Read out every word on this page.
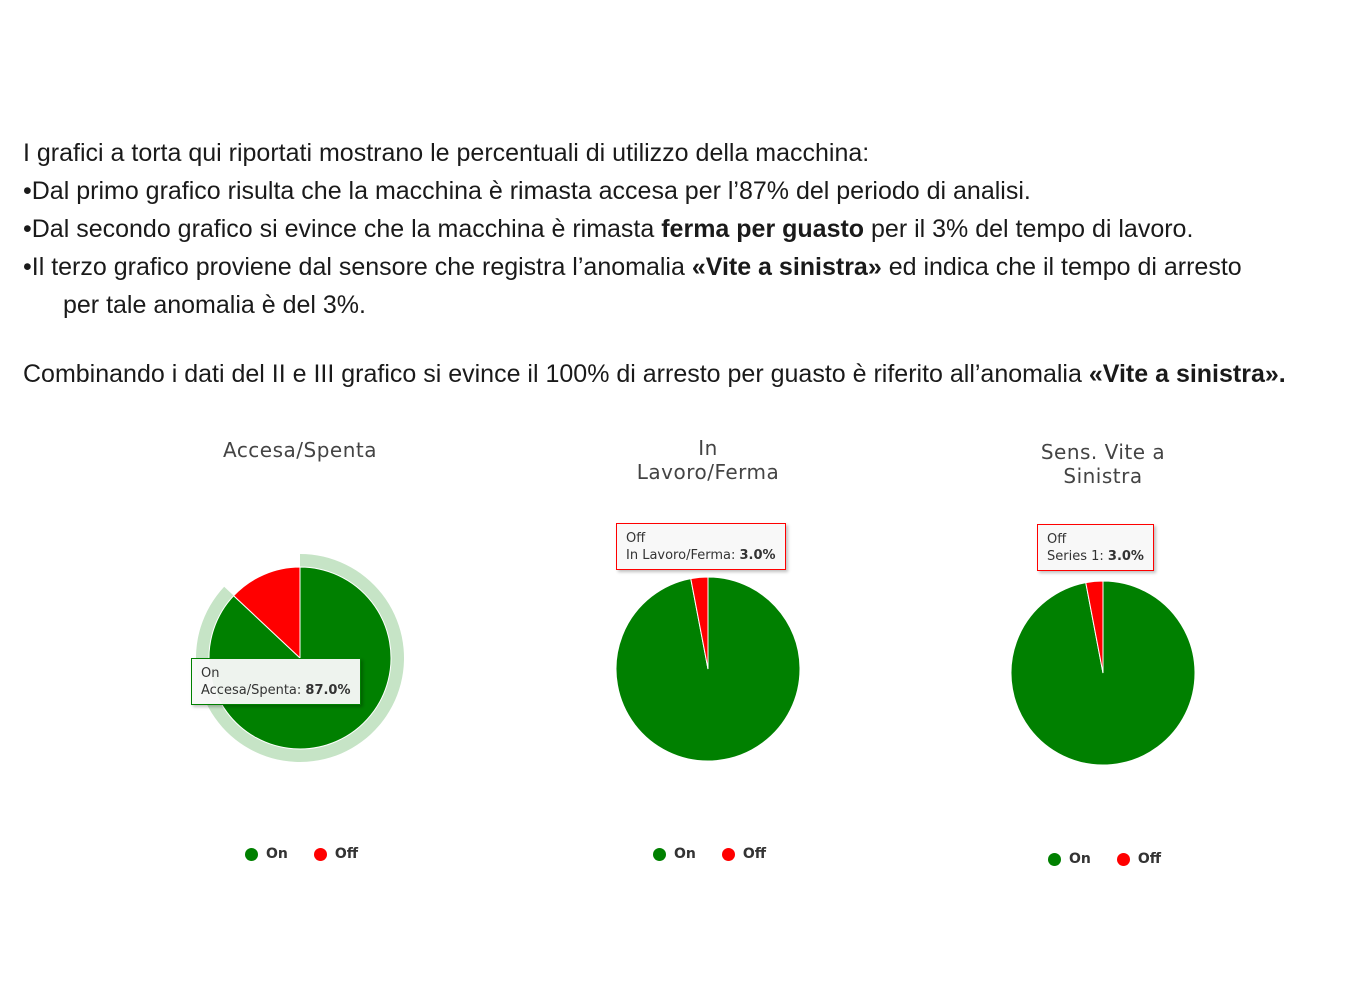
I grafici a torta qui riportati mostrano le percentuali di utilizzo della macchina:
•Dal primo grafico risulta che la macchina è rimasta accesa per l’87% del periodo di analisi.
•Dal secondo grafico si evince che la macchina è rimasta ferma per guasto per il 3% del tempo di lavoro.
•Il terzo grafico proviene dal sensore che registra l’anomalia «Vite a sinistra» ed indica che il tempo di arresto
per tale anomalia è del 3%.
Combinando i dati del II e III grafico si evince il 100% di arresto per guasto è riferito all’anomalia «Vite a sinistra».
Accesa/Spenta
On
Accesa/Spenta: 87.0%
On	Off
In
Lavoro/Ferma
Off
In Lavoro/Ferma: 3.0%
On	Off
Sens. Vite a
Sinistra
Off
Series 1: 3.0%
On	Off
